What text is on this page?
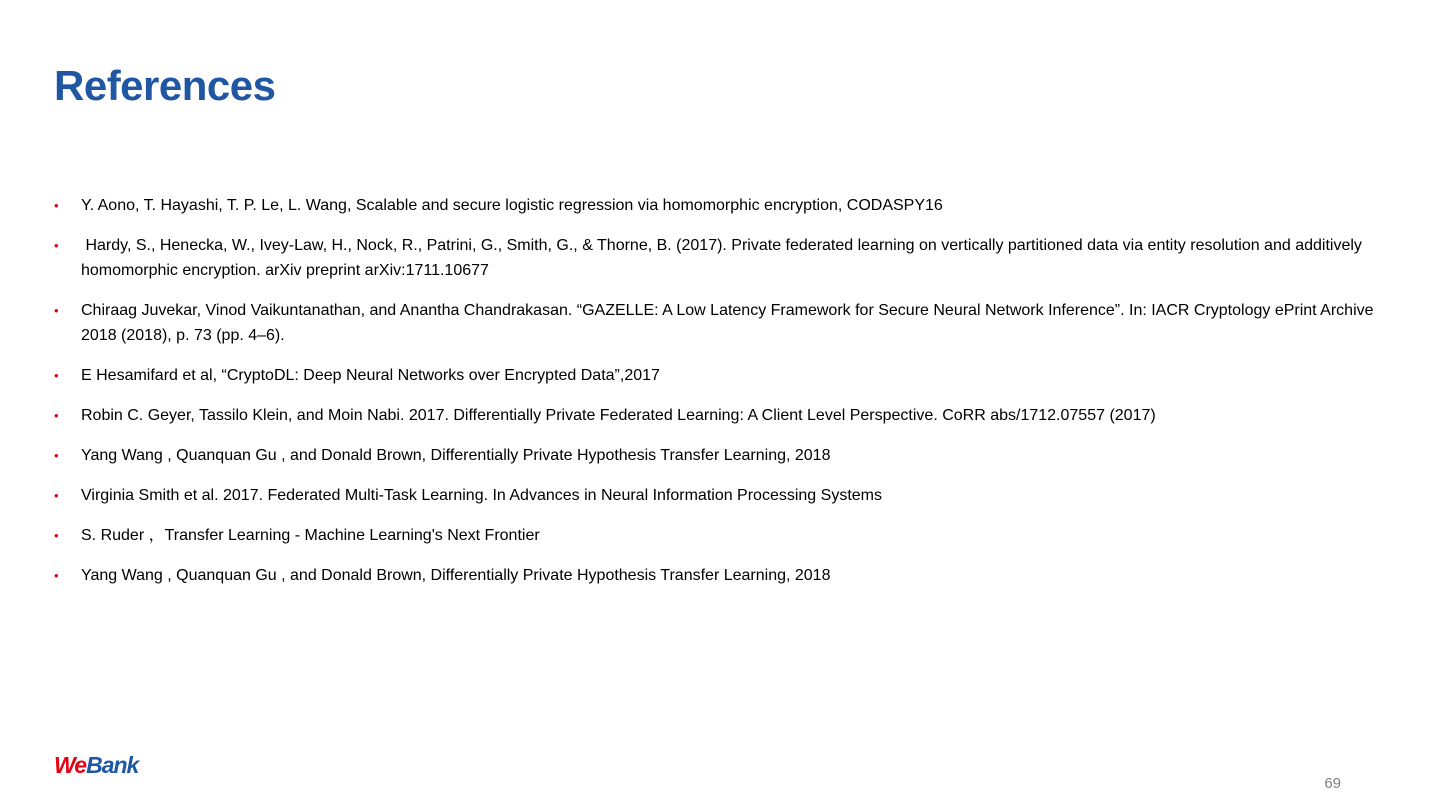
References
• Y. Aono, T. Hayashi, T. P. Le, L. Wang, Scalable and secure logistic regression via homomorphic encryption, CODASPY16
• Hardy, S., Henecka, W., Ivey-Law, H., Nock, R., Patrini, G., Smith, G., & Thorne, B. (2017). Private federated learning on vertically partitioned data via entity resolution and additively homomorphic encryption. arXiv preprint arXiv:1711.10677
• Chiraag Juvekar, Vinod Vaikuntanathan, and Anantha Chandrakasan. “GAZELLE: A Low Latency Framework for Secure Neural Network Inference”. In: IACR Cryptology ePrint Archive 2018 (2018), p. 73 (pp. 4–6).
• E Hesamifard et al, “CryptoDL: Deep Neural Networks over Encrypted Data”,2017
• Robin C. Geyer, Tassilo Klein, and Moin Nabi. 2017. Differentially Private Federated Learning: A Client Level Perspective. CoRR abs/1712.07557 (2017)
• Yang Wang , Quanquan Gu , and Donald Brown, Differentially Private Hypothesis Transfer Learning, 2018
• Virginia Smith et al. 2017. Federated Multi-Task Learning. In Advances in Neural Information Processing Systems
• S. Ruder ，Transfer Learning - Machine Learning's Next Frontier
• Yang Wang , Quanquan Gu , and Donald Brown, Differentially Private Hypothesis Transfer Learning, 2018
WeBank
69
